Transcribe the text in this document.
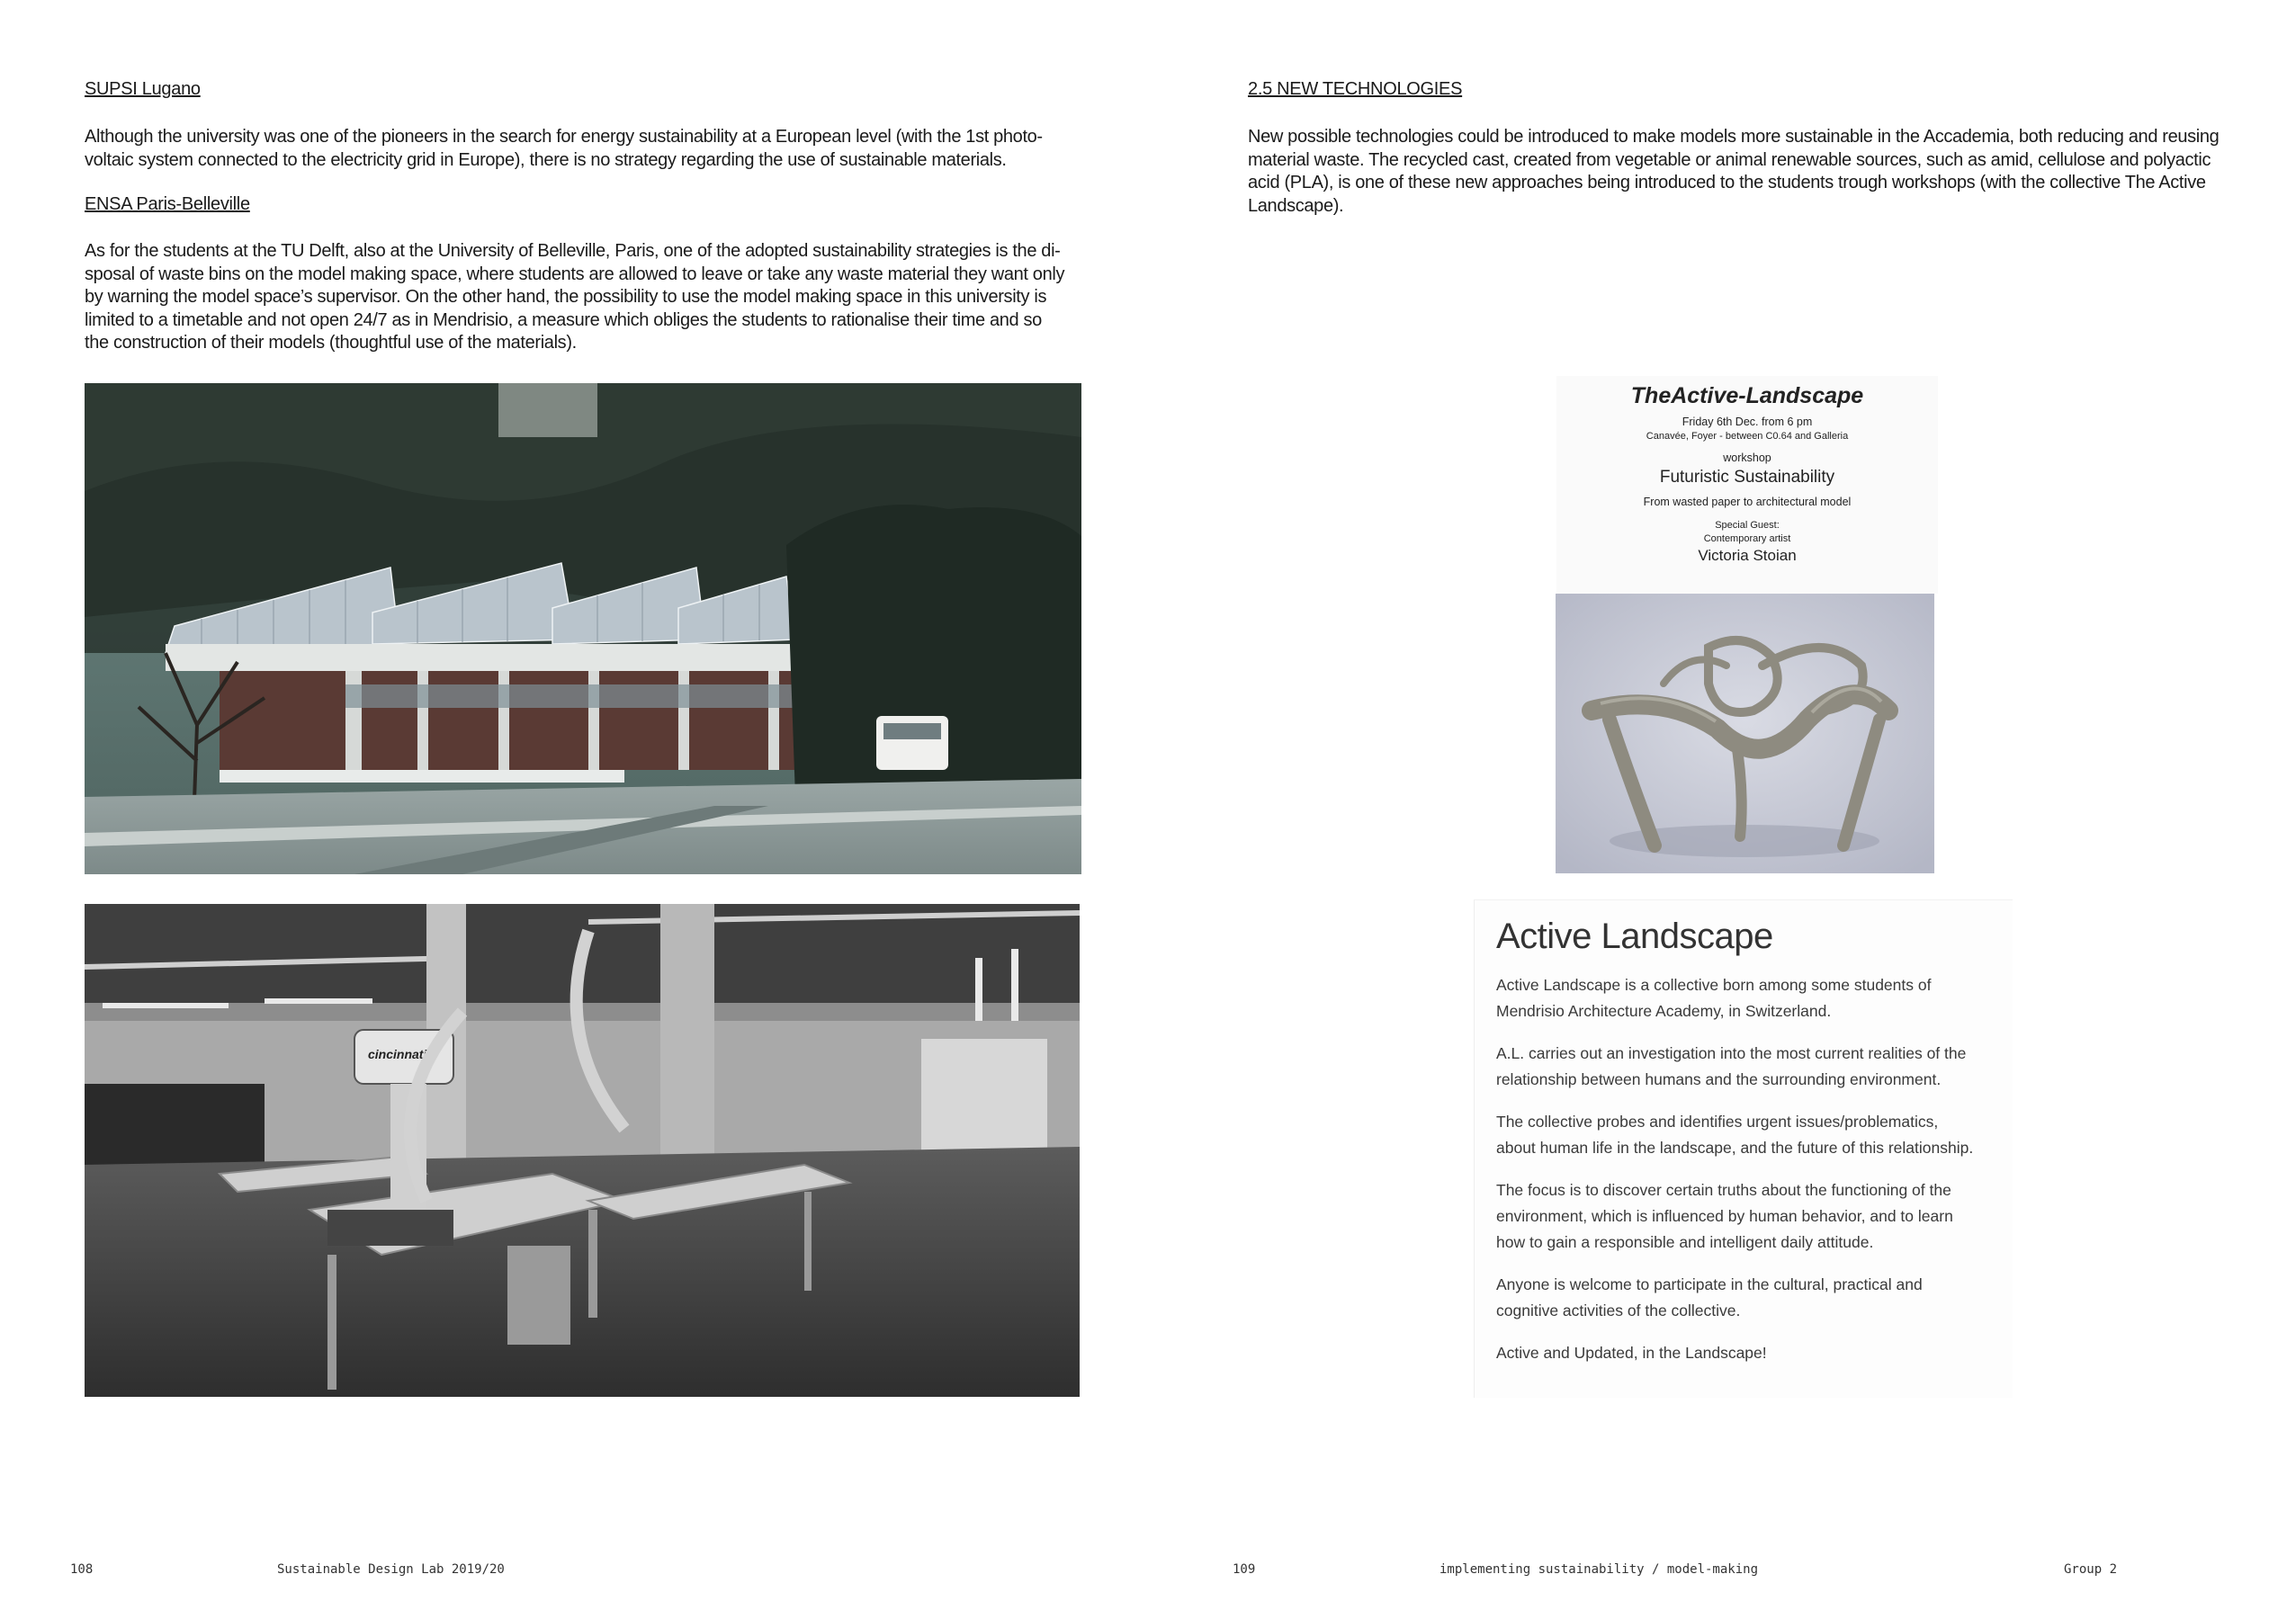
SUPSI Lugano
Although the university was one of the pioneers in the search for energy sustainability at a European level (with the 1st photo-
voltaic system connected to the electricity grid in Europe), there is no strategy regarding the use of sustainable materials.
ENSA Paris-Belleville
As for the students at the TU Delft, also at the University of Belleville, Paris, one of the adopted sustainability strategies is the di-
sposal of waste bins on the model making space, where students are allowed to leave or take any waste material they want only
by warning the model space’s supervisor. On the other hand, the possibility to use the model making space in this university is
limited to a timetable and not open 24/7 as in Mendrisio, a measure which obliges the students to rationalise their time and so
the construction of their models (thoughtful use of the materials).
cincinnati
2.5 NEW TECHNOLOGIES
New possible technologies could be introduced to make models more sustainable in the Accademia, both reducing and reusing
material waste. The recycled cast, created from vegetable or animal renewable sources, such as amid, cellulose and polyactic
acid (PLA), is one of these new approaches being introduced to the students trough workshops (with the collective The Active
Landscape).
TheActive-Landscape
Friday 6th Dec. from 6 pm
Canavée, Foyer - between C0.64 and Galleria
workshop
Futuristic Sustainability
From wasted paper to architectural model
Special Guest:
Contemporary artist
Victoria Stoian
Active Landscape
Active Landscape is a collective born among some students of
Mendrisio Architecture Academy, in Switzerland.
A.L. carries out an investigation into the most current realities of the
relationship between humans and the surrounding environment.
The collective probes and identifies urgent issues/problematics,
about human life in the landscape, and the future of this relationship.
The focus is to discover certain truths about the functioning of the
environment, which is influenced by human behavior, and to learn
how to gain a responsible and intelligent daily attitude.
Anyone is welcome to participate in the cultural, practical and
cognitive activities of the collective.
Active and Updated, in the Landscape!
108	Sustainable Design Lab 2019/20	109	implementing sustainability / model-making	Group 2
